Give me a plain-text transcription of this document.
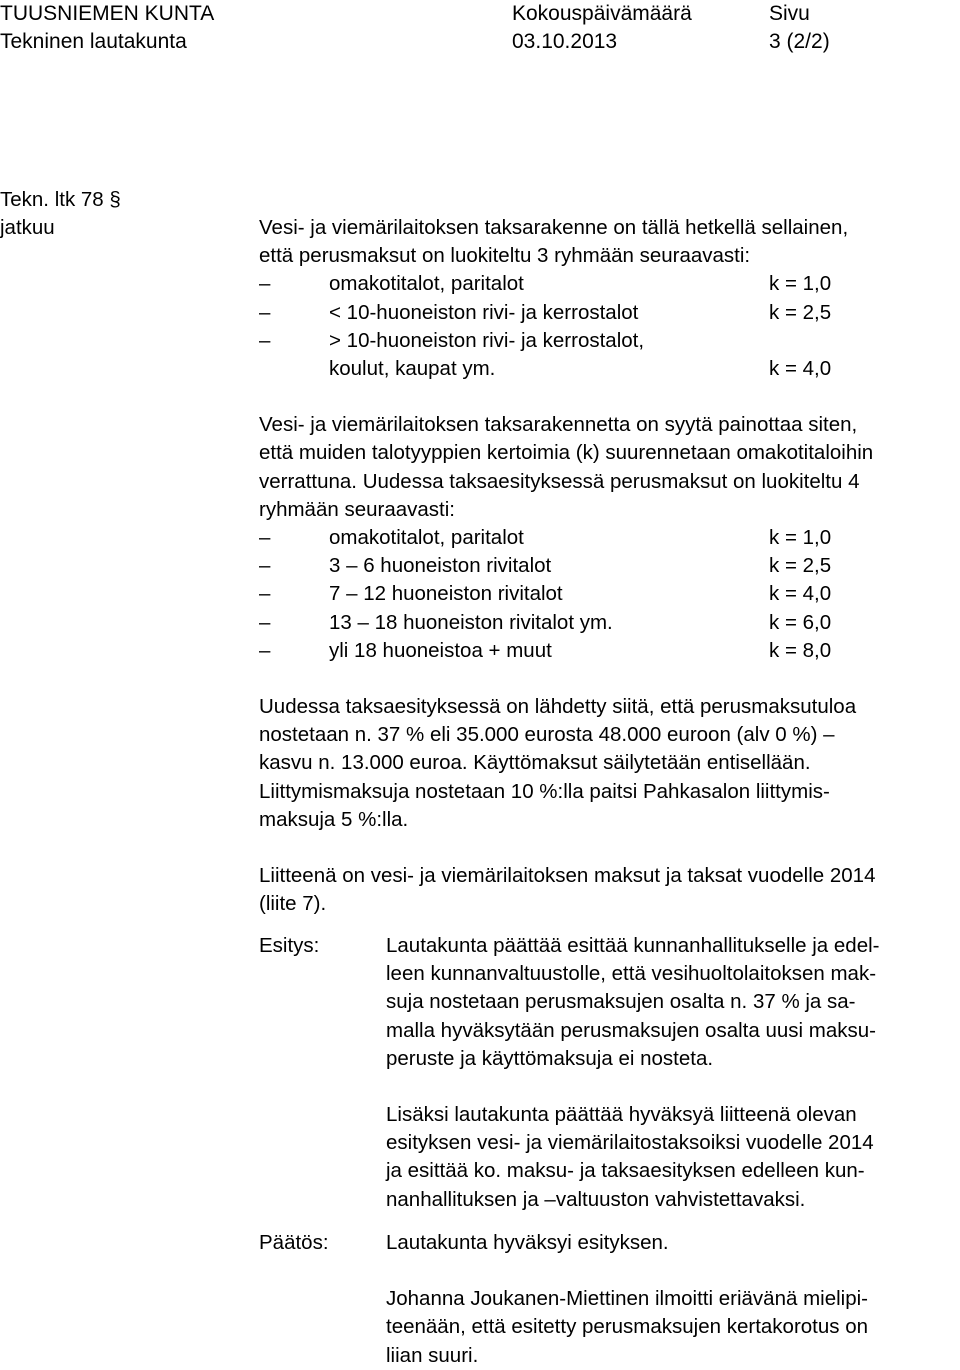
TUUSNIEMEN KUNTA
Tekninen lautakunta
Kokouspäivämäärä
03.10.2013
Sivu
3 (2/2)
Tekn. ltk 78 §
jatkuu	Vesi- ja viemärilaitoksen taksarakenne on tällä hetkellä sellainen,
että perusmaksut on luokiteltu 3 ryhmään seuraavasti:
–	omakotitalot, paritalot	k = 1,0
–	< 10-huoneiston rivi- ja kerrostalot	k = 2,5
–	> 10-huoneiston rivi- ja kerrostalot,
koulut, kaupat ym.	k = 4,0
Vesi- ja viemärilaitoksen taksarakennetta on syytä painottaa siten,
että muiden talotyyppien kertoimia (k) suurennetaan omakotitaloihin
verrattuna. Uudessa taksaesityksessä perusmaksut on luokiteltu 4
ryhmään seuraavasti:
–	omakotitalot, paritalot	k = 1,0
–	3 – 6 huoneiston rivitalot	k = 2,5
–	7 – 12 huoneiston rivitalot	k = 4,0
–	13 – 18 huoneiston rivitalot ym.	k = 6,0
–	yli 18 huoneistoa + muut	k = 8,0
Uudessa taksaesityksessä on lähdetty siitä, että perusmaksutuloa
nostetaan n. 37 % eli 35.000 eurosta 48.000 euroon (alv 0 %) –
kasvu n. 13.000 euroa. Käyttömaksut säilytetään entisellään.
Liittymismaksuja nostetaan 10 %:lla paitsi Pahkasalon liittymis-
maksuja 5 %:lla.
Liitteenä on vesi- ja viemärilaitoksen maksut ja taksat vuodelle 2014
(liite 7).
Esitys:	Lautakunta päättää esittää kunnanhallitukselle ja edel-
leen kunnanvaltuustolle, että vesihuoltolaitoksen mak-
suja nostetaan perusmaksujen osalta n. 37 % ja sa-
malla hyväksytään perusmaksujen osalta uusi maksu-
peruste ja käyttömaksuja ei nosteta.
Lisäksi lautakunta päättää hyväksyä liitteenä olevan
esityksen vesi- ja viemärilaitostaksoiksi vuodelle 2014
ja esittää ko. maksu- ja taksaesityksen edelleen kun-
nanhallituksen ja –valtuuston vahvistettavaksi.
Päätös:	Lautakunta hyväksyi esityksen.
Johanna Joukanen-Miettinen ilmoitti eriävänä mielipi-
teenään, että esitetty perusmaksujen kertakorotus on
liian suuri.
